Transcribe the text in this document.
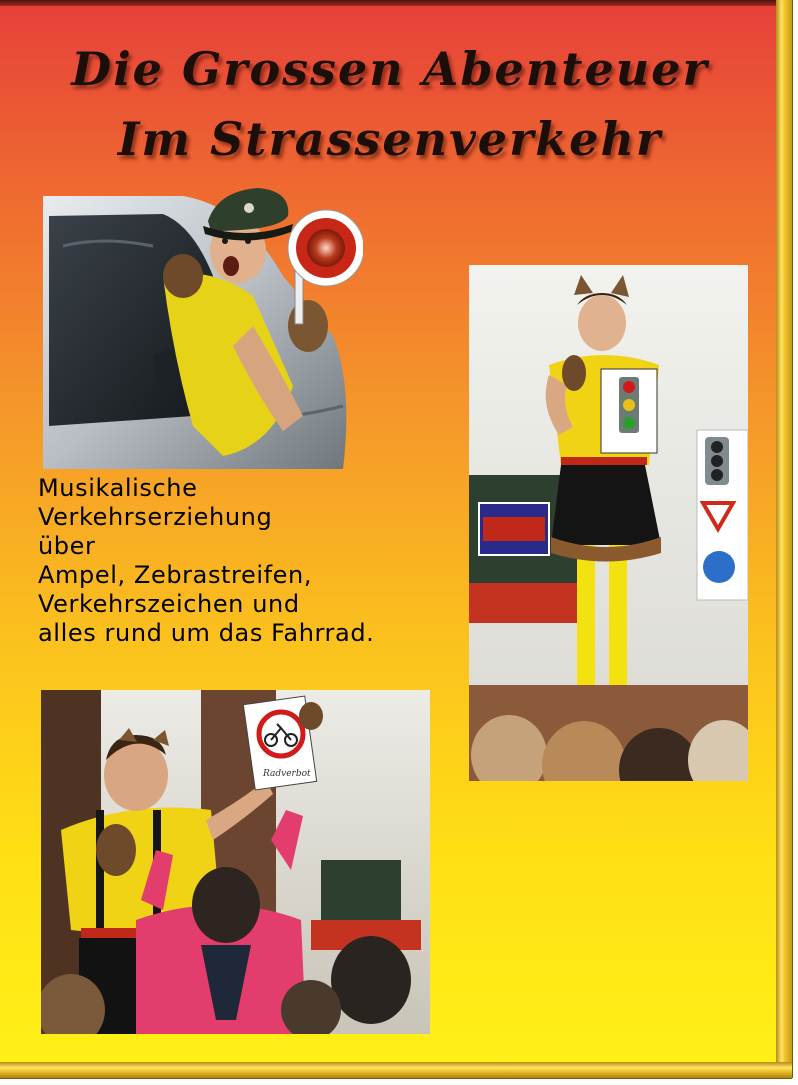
Die Grossen Abenteuer
Im Strassenverkehr

Musikalische
Verkehrserziehung
über
Ampel, Zebrastreifen,
Verkehrszeichen und
alles rund um das Fahrrad.

Radverbot
